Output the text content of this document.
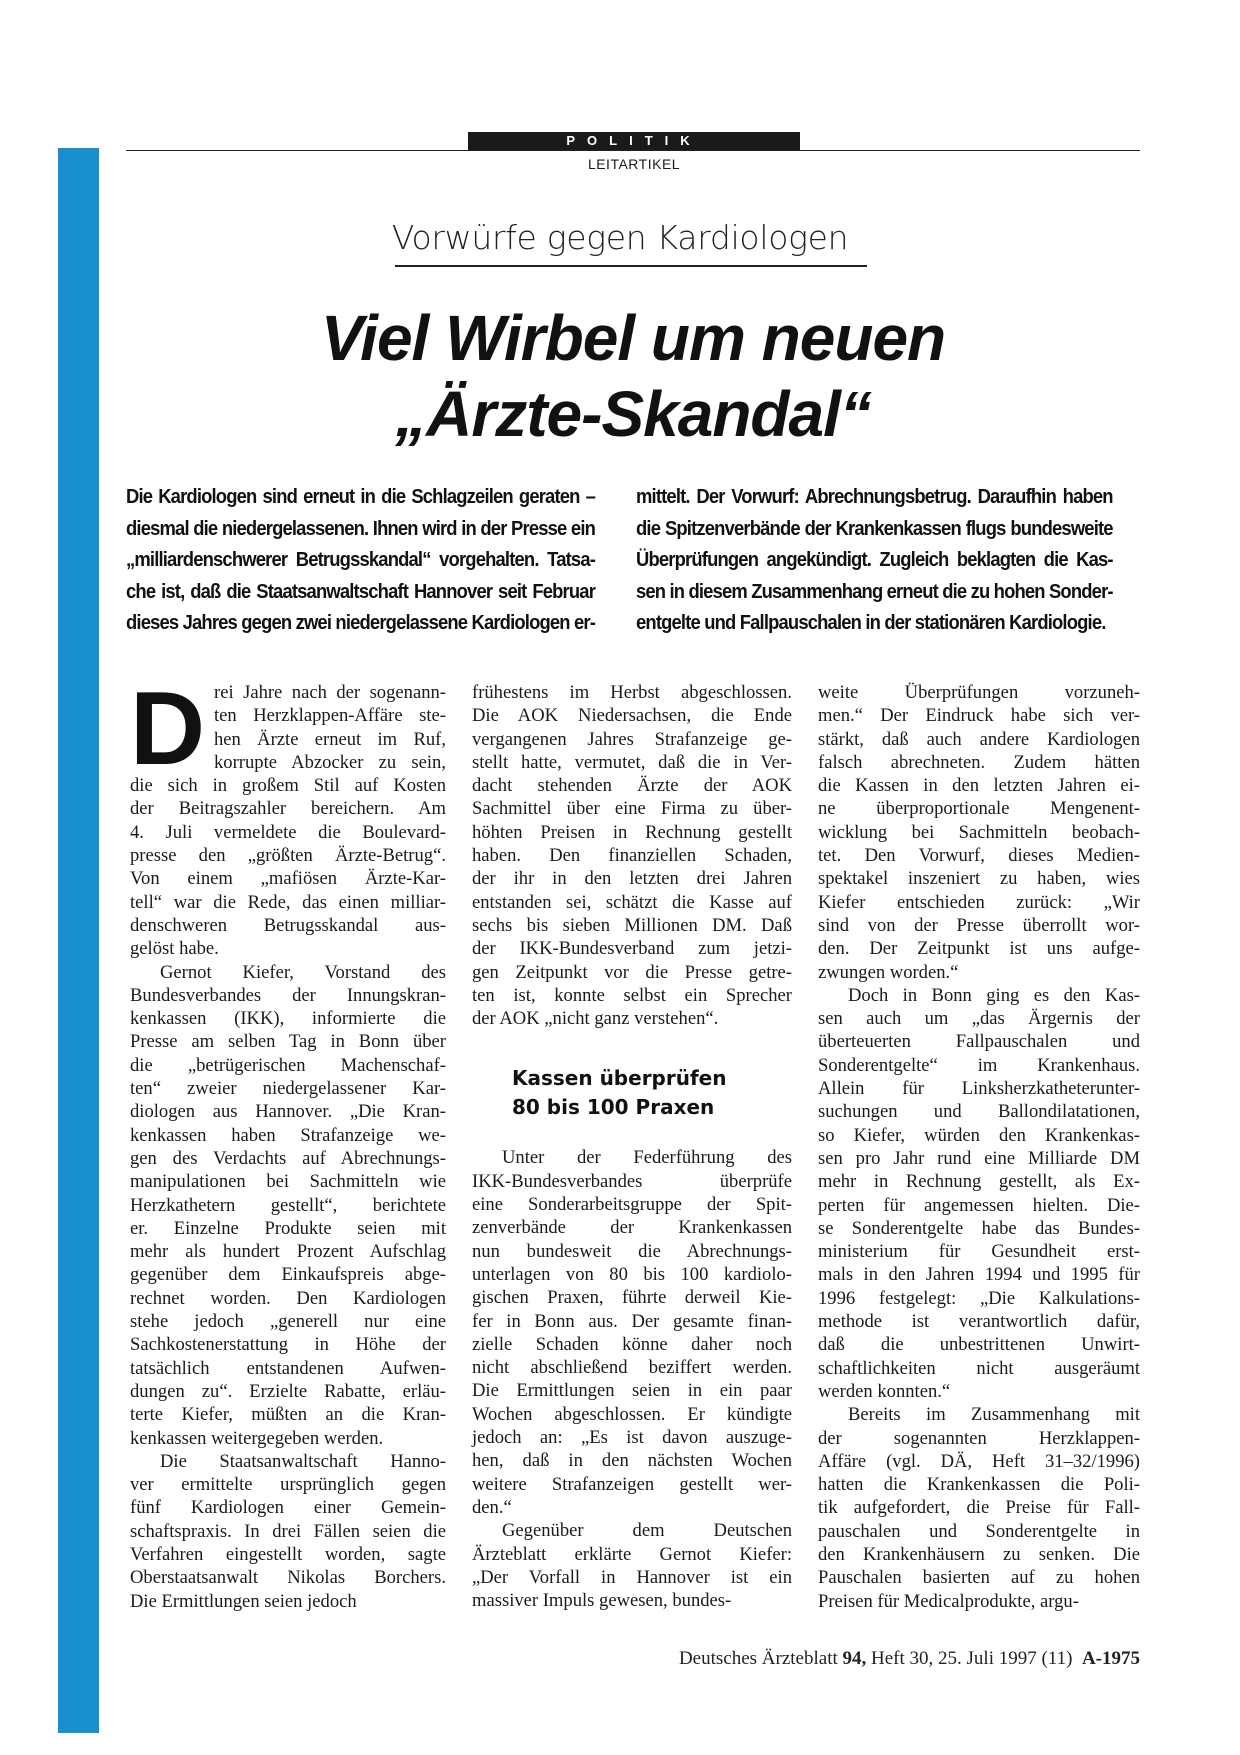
POLITIK
LEITARTIKEL
Vorwürfe gegen Kardiologen
Viel Wirbel um neuen
„Ärzte-Skandal“
Die Kardiologen sind erneut in die Schlagzeilen geraten –
diesmal die niedergelassenen. Ihnen wird in der Presse ein
„milliardenschwerer Betrugsskandal“ vorgehalten. Tatsa-
che ist, daß die Staatsanwaltschaft Hannover seit Februar
dieses Jahres gegen zwei niedergelassene Kardiologen er-
mittelt. Der Vorwurf: Abrechnungsbetrug. Daraufhin haben
die Spitzenverbände der Krankenkassen flugs bundesweite
Überprüfungen angekündigt. Zugleich beklagten die Kas-
sen in diesem Zusammenhang erneut die zu hohen Sonder-
entgelte und Fallpauschalen in der stationären Kardiologie.
D rei Jahre nach der sogenann-
ten Herzklappen-Affäre ste-
hen Ärzte erneut im Ruf,
korrupte Abzocker zu sein,
die sich in großem Stil auf Kosten
der Beitragszahler bereichern. Am
4. Juli vermeldete die Boulevard-
presse den „größten Ärzte-Betrug“.
Von einem „mafiösen Ärzte-Kar-
tell“ war die Rede, das einen milliar-
denschweren Betrugsskandal aus-
gelöst habe.
Gernot Kiefer, Vorstand des
Bundesverbandes der Innungskran-
kenkassen (IKK), informierte die
Presse am selben Tag in Bonn über
die „betrügerischen Machenschaf-
ten“ zweier niedergelassener Kar-
diologen aus Hannover. „Die Kran-
kenkassen haben Strafanzeige we-
gen des Verdachts auf Abrechnungs-
manipulationen bei Sachmitteln wie
Herzkathetern gestellt“, berichtete
er. Einzelne Produkte seien mit
mehr als hundert Prozent Aufschlag
gegenüber dem Einkaufspreis abge-
rechnet worden. Den Kardiologen
stehe jedoch „generell nur eine
Sachkostenerstattung in Höhe der
tatsächlich entstandenen Aufwen-
dungen zu“. Erzielte Rabatte, erläu-
terte Kiefer, müßten an die Kran-
kenkassen weitergegeben werden.
Die Staatsanwaltschaft Hanno-
ver ermittelte ursprünglich gegen
fünf Kardiologen einer Gemein-
schaftspraxis. In drei Fällen seien die
Verfahren eingestellt worden, sagte
Oberstaatsanwalt Nikolas Borchers.
Die Ermittlungen seien jedoch
frühestens im Herbst abgeschlossen.
Die AOK Niedersachsen, die Ende
vergangenen Jahres Strafanzeige ge-
stellt hatte, vermutet, daß die in Ver-
dacht stehenden Ärzte der AOK
Sachmittel über eine Firma zu über-
höhten Preisen in Rechnung gestellt
haben. Den finanziellen Schaden,
der ihr in den letzten drei Jahren
entstanden sei, schätzt die Kasse auf
sechs bis sieben Millionen DM. Daß
der IKK-Bundesverband zum jetzi-
gen Zeitpunkt vor die Presse getre-
ten ist, konnte selbst ein Sprecher
der AOK „nicht ganz verstehen“.
Kassen überprüfen
80 bis 100 Praxen
Unter der Federführung des
IKK-Bundesverbandes überprüfe
eine Sonderarbeitsgruppe der Spit-
zenverbände der Krankenkassen
nun bundesweit die Abrechnungs-
unterlagen von 80 bis 100 kardiolo-
gischen Praxen, führte derweil Kie-
fer in Bonn aus. Der gesamte finan-
zielle Schaden könne daher noch
nicht abschließend beziffert werden.
Die Ermittlungen seien in ein paar
Wochen abgeschlossen. Er kündigte
jedoch an: „Es ist davon auszuge-
hen, daß in den nächsten Wochen
weitere Strafanzeigen gestellt wer-
den.“
Gegenüber dem Deutschen
Ärzteblatt erklärte Gernot Kiefer:
„Der Vorfall in Hannover ist ein
massiver Impuls gewesen, bundes-
weite Überprüfungen vorzuneh-
men.“ Der Eindruck habe sich ver-
stärkt, daß auch andere Kardiologen
falsch abrechneten. Zudem hätten
die Kassen in den letzten Jahren ei-
ne überproportionale Mengenent-
wicklung bei Sachmitteln beobach-
tet. Den Vorwurf, dieses Medien-
spektakel inszeniert zu haben, wies
Kiefer entschieden zurück: „Wir
sind von der Presse überrollt wor-
den. Der Zeitpunkt ist uns aufge-
zwungen worden.“
Doch in Bonn ging es den Kas-
sen auch um „das Ärgernis der
überteuerten Fallpauschalen und
Sonderentgelte“ im Krankenhaus.
Allein für Linksherzkatheterunter-
suchungen und Ballondilatationen,
so Kiefer, würden den Krankenkas-
sen pro Jahr rund eine Milliarde DM
mehr in Rechnung gestellt, als Ex-
perten für angemessen hielten. Die-
se Sonderentgelte habe das Bundes-
ministerium für Gesundheit erst-
mals in den Jahren 1994 und 1995 für
1996 festgelegt: „Die Kalkulations-
methode ist verantwortlich dafür,
daß die unbestrittenen Unwirt-
schaftlichkeiten nicht ausgeräumt
werden konnten.“
Bereits im Zusammenhang mit
der sogenannten Herzklappen-
Affäre (vgl. DÄ, Heft 31–32/1996)
hatten die Krankenkassen die Poli-
tik aufgefordert, die Preise für Fall-
pauschalen und Sonderentgelte in
den Krankenhäusern zu senken. Die
Pauschalen basierten auf zu hohen
Preisen für Medicalprodukte, argu-
Deutsches Ärzteblatt 94, Heft 30, 25. Juli 1997 (11) A-1975
